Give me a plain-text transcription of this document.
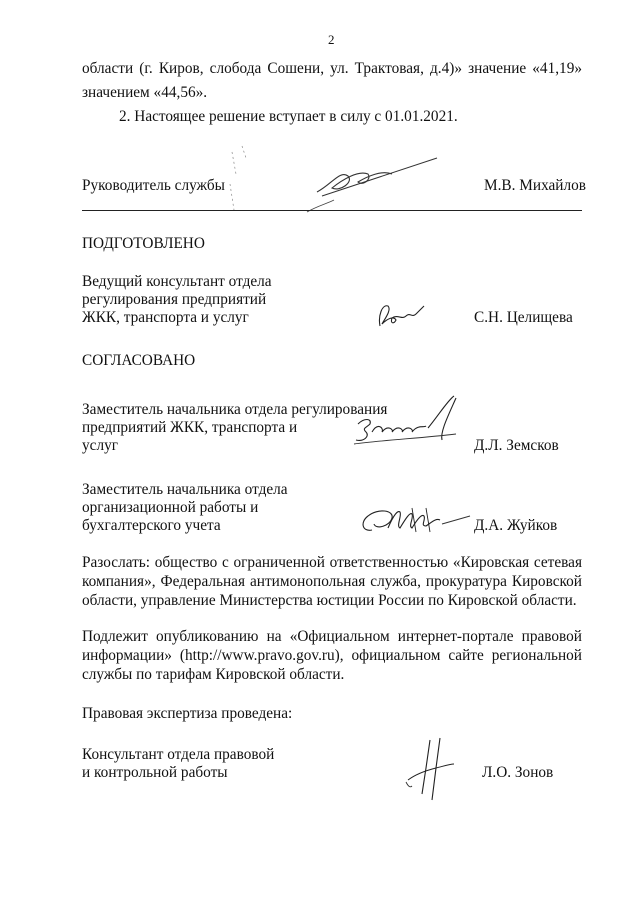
2
области (г. Киров, слобода Сошени, ул. Трактовая, д.4)» значение «41,19»
значением «44,56».
2. Настоящее решение вступает в силу с 01.01.2021.
Руководитель службы	М.В. Михайлов
ПОДГОТОВЛЕНО
Ведущий консультант отдела
регулирования предприятий
ЖКК, транспорта и услуг	С.Н. Целищева
СОГЛАСОВАНО
Заместитель начальника отдела регулирования
предприятий ЖКК, транспорта и
услуг	Д.Л. Земсков
Заместитель начальника отдела
организационной работы и
бухгалтерского учета	Д.А. Жуйков
Разослать: общество с ограниченной ответственностью «Кировская сетевая
компания», Федеральная антимонопольная служба, прокуратура Кировской
области, управление Министерства юстиции России по Кировской области.
Подлежит опубликованию на «Официальном интернет-портале правовой
информации» (http://www.pravo.gov.ru), официальном сайте региональной
службы по тарифам Кировской области.
Правовая экспертиза проведена:
Консультант отдела правовой
и контрольной работы	Л.О. Зонов
